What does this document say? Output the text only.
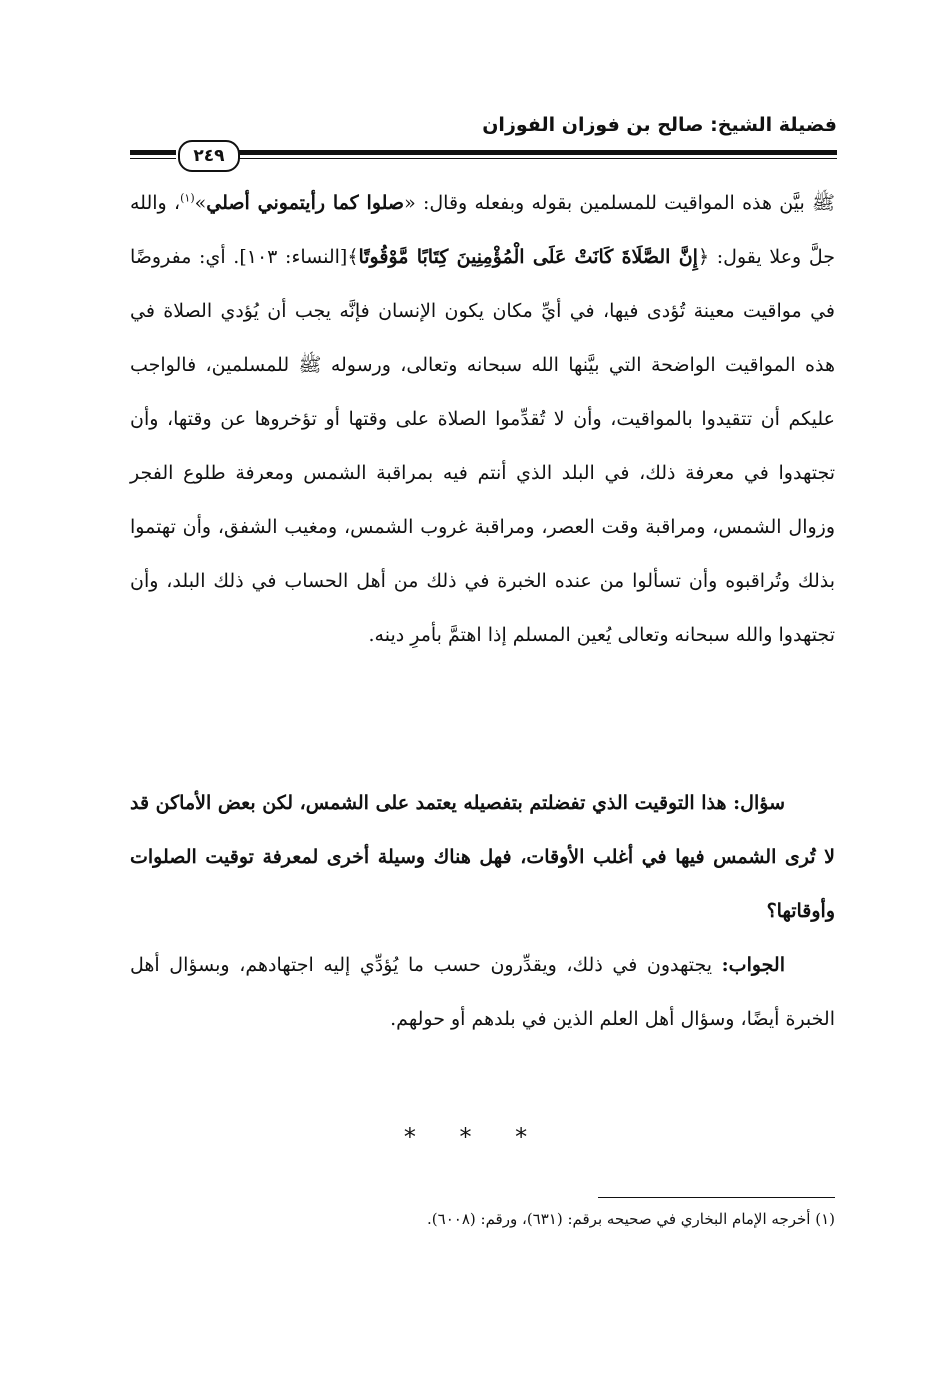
فضيلة الشيخ: صالح بن فوزان الفوزان
٢٤٩
ﷺ بيَّن هذه المواقيت للمسلمين بقوله وبفعله وقال: «صلوا كما رأيتموني أصلي»$^{(١)}$، والله جلَّ وعلا يقول: ﴿إِنَّ الصَّلَاةَ كَانَتْ عَلَى الْمُؤْمِنِينَ كِتَابًا مَّوْقُوتًا﴾[النساء: ١٠٣]. أي: مفروضًا في مواقيت معينة تُؤدى فيها، في أيِّ مكان يكون الإنسان فإنَّه يجب أن يُؤدي الصلاة في هذه المواقيت الواضحة التي بيَّنها الله سبحانه وتعالى، ورسوله ﷺ للمسلمين، فالواجب عليكم أن تتقيدوا بالمواقيت، وأن لا تُقدِّموا الصلاة على وقتها أو تؤخروها عن وقتها، وأن تجتهدوا في معرفة ذلك، في البلد الذي أنتم فيه بمراقبة الشمس ومعرفة طلوع الفجر وزوال الشمس، ومراقبة وقت العصر، ومراقبة غروب الشمس، ومغيب الشفق، وأن تهتموا بذلك وتُراقبوه وأن تسألوا من عنده الخبرة في ذلك من أهل الحساب في ذلك البلد، وأن تجتهدوا والله سبحانه وتعالى يُعين المسلم إذا اهتمَّ بأمرِ دينه.
سؤال: هذا التوقيت الذي تفضلتم بتفصيله يعتمد على الشمس، لكن بعض الأماكن قد لا تُرى الشمس فيها في أغلب الأوقات، فهل هناك وسيلة أخرى لمعرفة توقيت الصلوات وأوقاتها؟
الجواب: يجتهدون في ذلك، ويقدِّرون حسب ما يُؤدِّي إليه اجتهادهم، وبسؤال أهل الخبرة أيضًا، وسؤال أهل العلم الذين في بلدهم أو حولهم.
* * *
(١) أخرجه الإمام البخاري في صحيحه برقم: (٦٣١)، ورقم: (٦٠٠٨).
